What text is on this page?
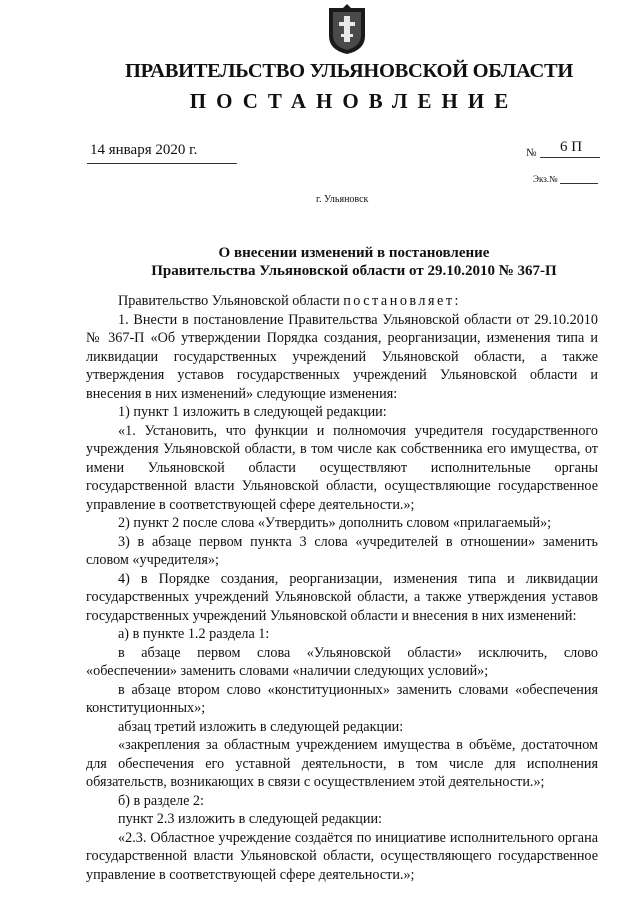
ПРАВИТЕЛЬСТВО УЛЬЯНОВСКОЙ ОБЛАСТИ
ПОСТАНОВЛЕНИЕ
14 января 2020 г.	№ 6 П
Экз.№
г. Ульяновск
О внесении изменений в постановление
Правительства Ульяновской области от 29.10.2010 № 367-П

Правительство Ульяновской области постановляет:

1. Внести в постановление Правительства Ульяновской области от 29.10.2010 № 367-П «Об утверждении Порядка создания, реорганизации, изменения типа и ликвидации государственных учреждений Ульяновской области, а также утверждения уставов государственных учреждений Ульяновской области и внесения в них изменений» следующие изменения:

1) пункт 1 изложить в следующей редакции:

«1. Установить, что функции и полномочия учредителя государственного учреждения Ульяновской области, в том числе как собственника его имущества, от имени Ульяновской области осуществляют исполнительные органы государственной власти Ульяновской области, осуществляющие государственное управление в соответствующей сфере деятельности.»;

2) пункт 2 после слова «Утвердить» дополнить словом «прилагаемый»;

3) в абзаце первом пункта 3 слова «учредителей в отношении» заменить словом «учредителя»;

4) в Порядке создания, реорганизации, изменения типа и ликвидации государственных учреждений Ульяновской области, а также утверждения уставов государственных учреждений Ульяновской области и внесения в них изменений:

а) в пункте 1.2 раздела 1:

в абзаце первом слова «Ульяновской области» исключить, слово «обеспечении» заменить словами «наличии следующих условий»;

в абзаце втором слово «конституционных» заменить словами «обеспечения конституционных»;

абзац третий изложить в следующей редакции:

«закрепления за областным учреждением имущества в объёме, достаточном для обеспечения его уставной деятельности, в том числе для исполнения обязательств, возникающих в связи с осуществлением этой деятельности.»;

б) в разделе 2:

пункт 2.3 изложить в следующей редакции:

«2.3. Областное учреждение создаётся по инициативе исполнительного органа государственной власти Ульяновской области, осуществляющего государственное управление в соответствующей сфере деятельности.»;
